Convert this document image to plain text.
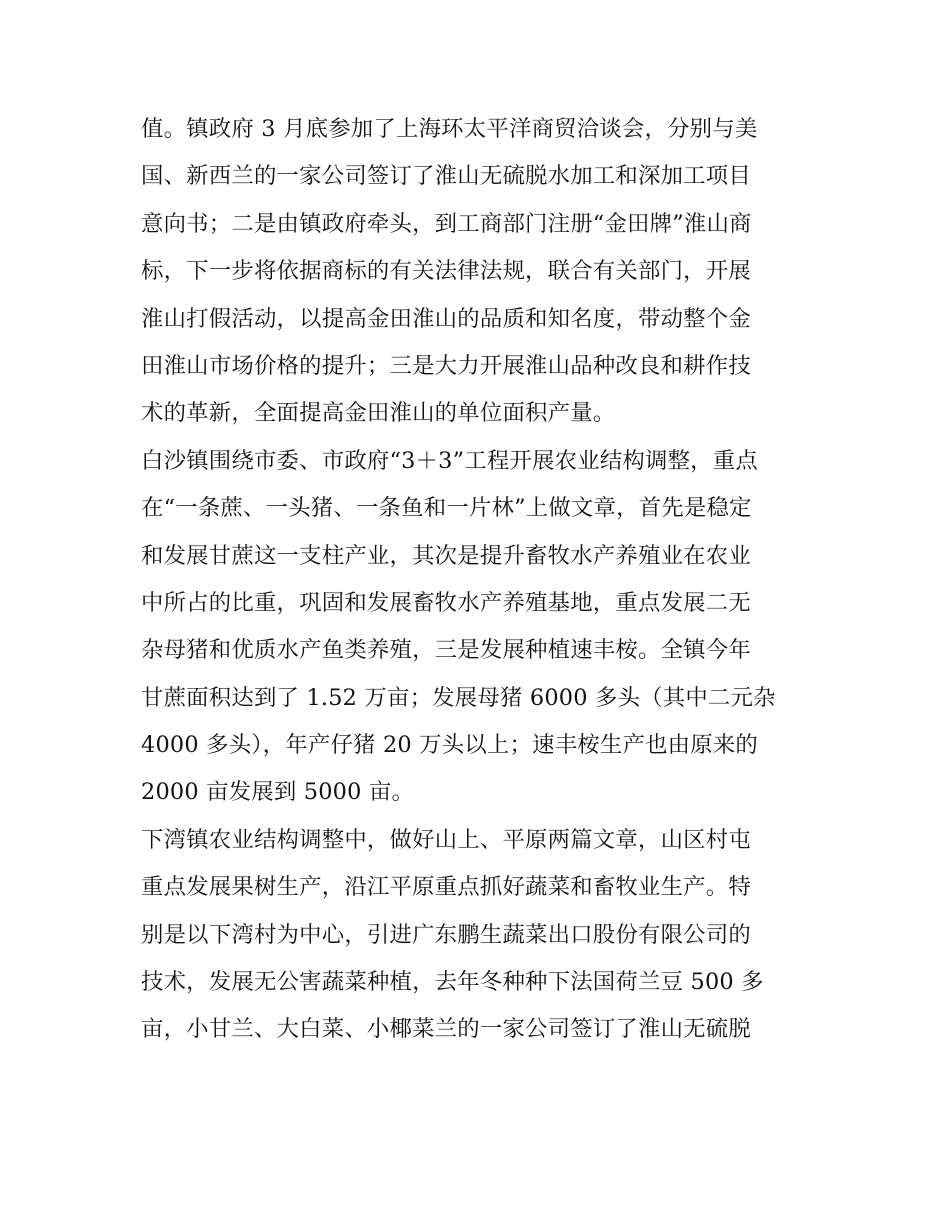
值。镇政府 3 月底参加了上海环太平洋商贸洽谈会，分别与美
国、新西兰的一家公司签订了淮山无硫脱水加工和深加工项目
意向书；二是由镇政府牵头，到工商部门注册“金田牌”淮山商
标，下一步将依据商标的有关法律法规，联合有关部门，开展
淮山打假活动，以提高金田淮山的品质和知名度，带动整个金
田淮山市场价格的提升；三是大力开展淮山品种改良和耕作技
术的革新，全面提高金田淮山的单位面积产量。
白沙镇围绕市委、市政府“3＋3”工程开展农业结构调整，重点
在“一条蔗、一头猪、一条鱼和一片林”上做文章，首先是稳定
和发展甘蔗这一支柱产业，其次是提升畜牧水产养殖业在农业
中所占的比重，巩固和发展畜牧水产养殖基地，重点发展二无
杂母猪和优质水产鱼类养殖，三是发展种植速丰桉。全镇今年
甘蔗面积达到了 1.52 万亩；发展母猪 6000 多头（其中二元杂
4000 多头），年产仔猪 20 万头以上；速丰桉生产也由原来的
2000 亩发展到 5000 亩。
下湾镇农业结构调整中，做好山上、平原两篇文章，山区村屯
重点发展果树生产，沿江平原重点抓好蔬菜和畜牧业生产。特
别是以下湾村为中心，引进广东鹏生蔬菜出口股份有限公司的
技术，发展无公害蔬菜种植，去年冬种种下法国荷兰豆 500 多
亩，小甘兰、大白菜、小椰菜兰的一家公司签订了淮山无硫脱
